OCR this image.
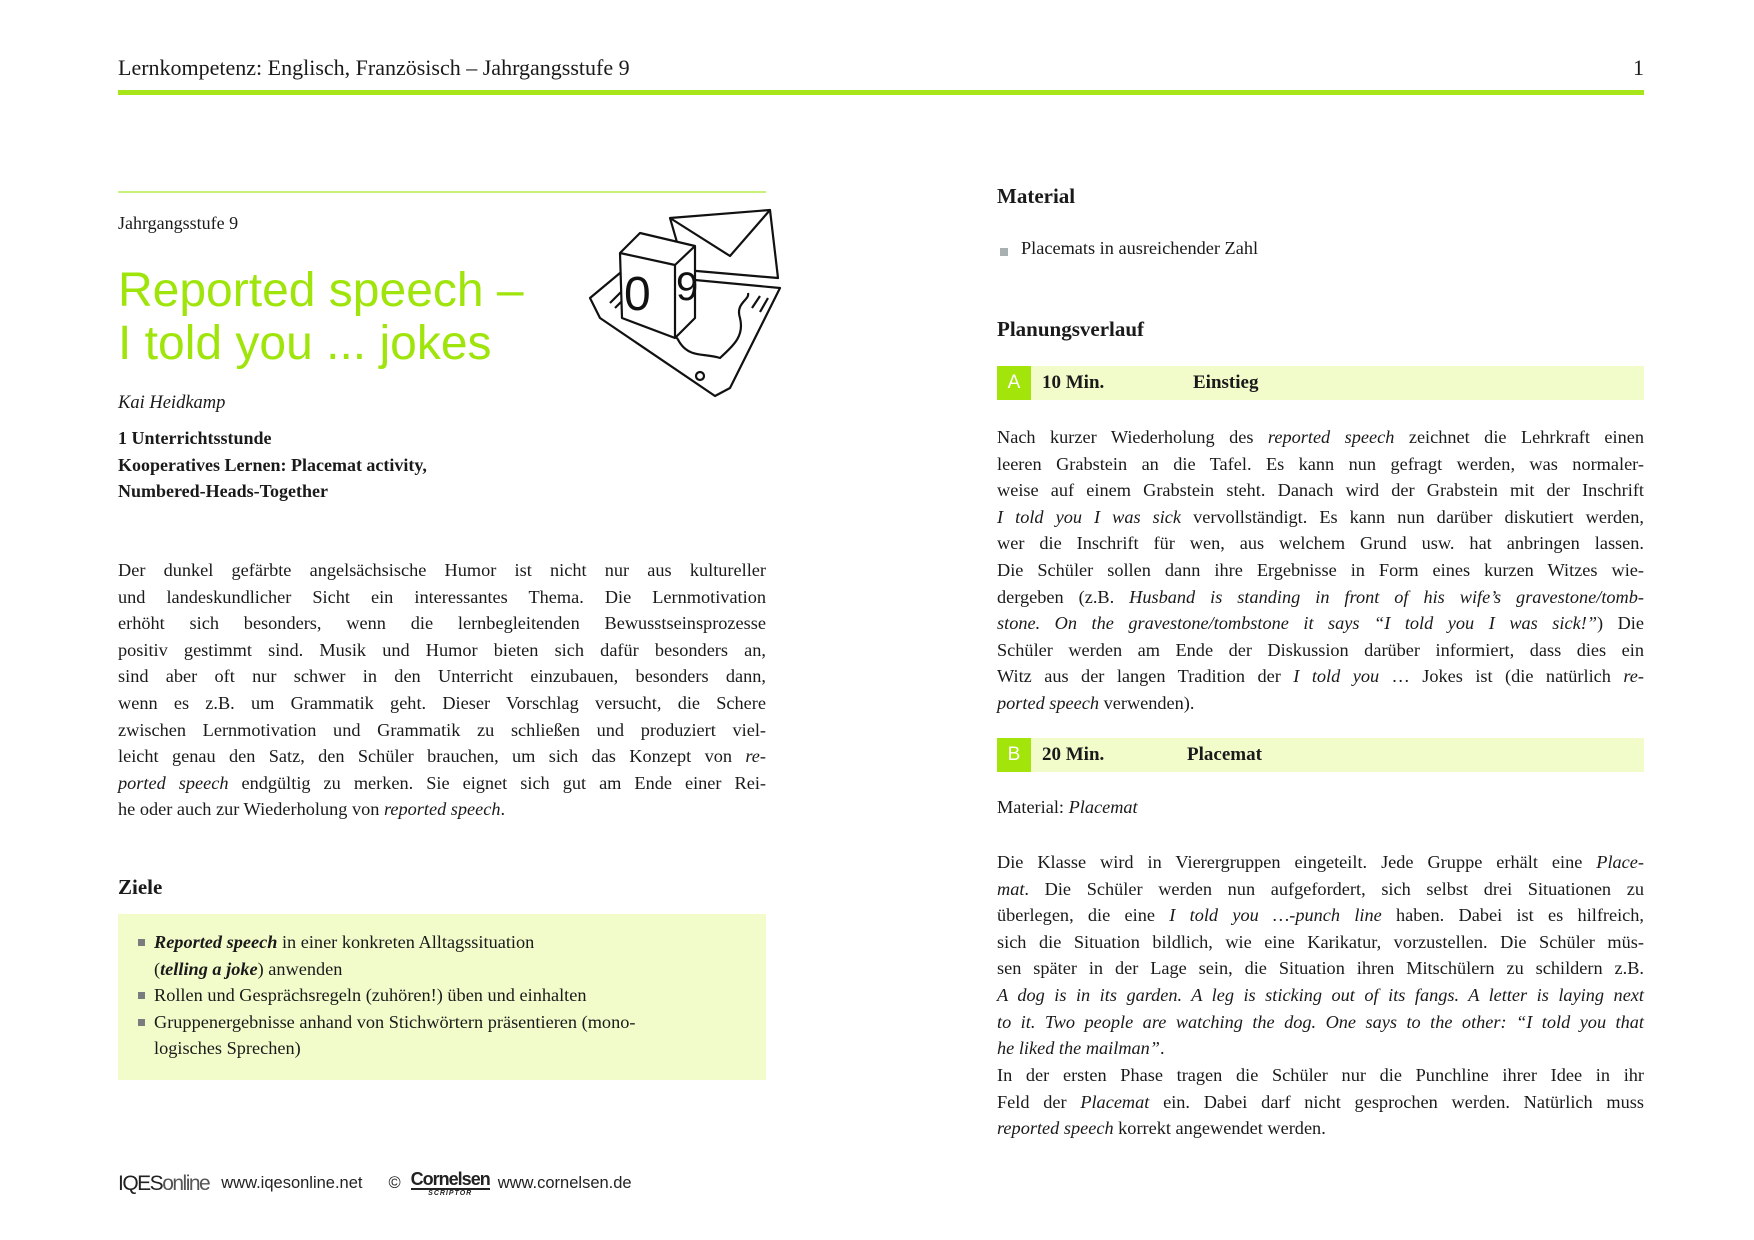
Lernkompetenz: Englisch, Französisch – Jahrgangsstufe 9	1
Jahrgangsstufe 9
Reported speech –
I told you ... jokes
0 9
Kai Heidkamp
1 Unterrichtsstunde
Kooperatives Lernen: Placemat activity,
Numbered-Heads-Together
Der dunkel gefärbte angelsächsische Humor ist nicht nur aus kultureller
und landeskundlicher Sicht ein interessantes Thema. Die Lernmotivation
erhöht sich besonders, wenn die lernbegleitenden Bewusstseinsprozesse
positiv gestimmt sind. Musik und Humor bieten sich dafür besonders an,
sind aber oft nur schwer in den Unterricht einzubauen, besonders dann,
wenn es z.B. um Grammatik geht. Dieser Vorschlag versucht, die Schere
zwischen Lernmotivation und Grammatik zu schließen und produziert viel-
leicht genau den Satz, den Schüler brauchen, um sich das Konzept von re-
ported speech endgültig zu merken. Sie eignet sich gut am Ende einer Rei-
he oder auch zur Wiederholung von reported speech.
Ziele
Reported speech in einer konkreten Alltagssituation
(telling a joke) anwenden
Rollen und Gesprächsregeln (zuhören!) üben und einhalten
Gruppenergebnisse anhand von Stichwörtern präsentieren (mono-
logisches Sprechen)
IQESonline www.iqesonline.net © Cornelsen
SCRIPTOR
www.cornelsen.de
Material
Placemats in ausreichender Zahl
Planungsverlauf
A	10 Min.	Einstieg
Nach kurzer Wiederholung des reported speech zeichnet die Lehrkraft einen
leeren Grabstein an die Tafel. Es kann nun gefragt werden, was normaler-
weise auf einem Grabstein steht. Danach wird der Grabstein mit der Inschrift
I told you I was sick vervollständigt. Es kann nun darüber diskutiert werden,
wer die Inschrift für wen, aus welchem Grund usw. hat anbringen lassen.
Die Schüler sollen dann ihre Ergebnisse in Form eines kurzen Witzes wie-
dergeben (z.B. Husband is standing in front of his wife’s gravestone/tomb-
stone. On the gravestone/tombstone it says “I told you I was sick!”) Die
Schüler werden am Ende der Diskussion darüber informiert, dass dies ein
Witz aus der langen Tradition der I told you … Jokes ist (die natürlich re-
ported speech verwenden).
B	20 Min.	Placemat
Material: Placemat
Die Klasse wird in Vierergruppen eingeteilt. Jede Gruppe erhält eine Place-
mat. Die Schüler werden nun aufgefordert, sich selbst drei Situationen zu
überlegen, die eine I told you …-punch line haben. Dabei ist es hilfreich,
sich die Situation bildlich, wie eine Karikatur, vorzustellen. Die Schüler müs-
sen später in der Lage sein, die Situation ihren Mitschülern zu schildern z.B.
A dog is in its garden. A leg is sticking out of its fangs. A letter is laying next
to it. Two people are watching the dog. One says to the other: “I told you that
he liked the mailman”.
In der ersten Phase tragen die Schüler nur die Punchline ihrer Idee in ihr
Feld der Placemat ein. Dabei darf nicht gesprochen werden. Natürlich muss
reported speech korrekt angewendet werden.
